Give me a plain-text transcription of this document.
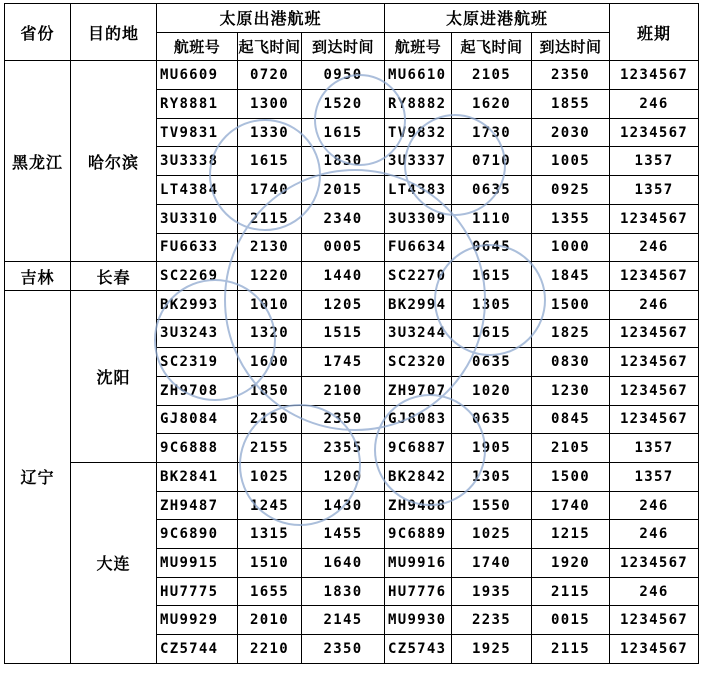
省份	目的地	太原出港航班			太原进港航班			班期
		航班号	起飞时间	到达时间	航班号	起飞时间	到达时间	
黑龙江	哈尔滨	MU6609	0720	0950	MU6610	2105	2350	1234567
		RY8881	1300	1520	RY8882	1620	1855	246
		TV9831	1330	1615	TV9832	1730	2030	1234567
		3U3338	1615	1830	3U3337	0710	1005	1357
		LT4384	1740	2015	LT4383	0635	0925	1357
		3U3310	2115	2340	3U3309	1110	1355	1234567
		FU6633	2130	0005	FU6634	0645	1000	246
吉林	长春	SC2269	1220	1440	SC2270	1615	1845	1234567
辽宁	沈阳	BK2993	1010	1205	BK2994	1305	1500	246
		3U3243	1320	1515	3U3244	1615	1825	1234567
		SC2319	1600	1745	SC2320	0635	0830	1234567
		ZH9708	1850	2100	ZH9707	1020	1230	1234567
		GJ8084	2150	2350	GJ8083	0635	0845	1234567
		9C6888	2155	2355	9C6887	1905	2105	1357
	大连	BK2841	1025	1200	BK2842	1305	1500	1357
		ZH9487	1245	1430	ZH9488	1550	1740	246
		9C6890	1315	1455	9C6889	1025	1215	246
		MU9915	1510	1640	MU9916	1740	1920	1234567
		HU7775	1655	1830	HU7776	1935	2115	246
		MU9929	2010	2145	MU9930	2235	0015	1234567
		CZ5744	2210	2350	CZ5743	1925	2115	1234567
